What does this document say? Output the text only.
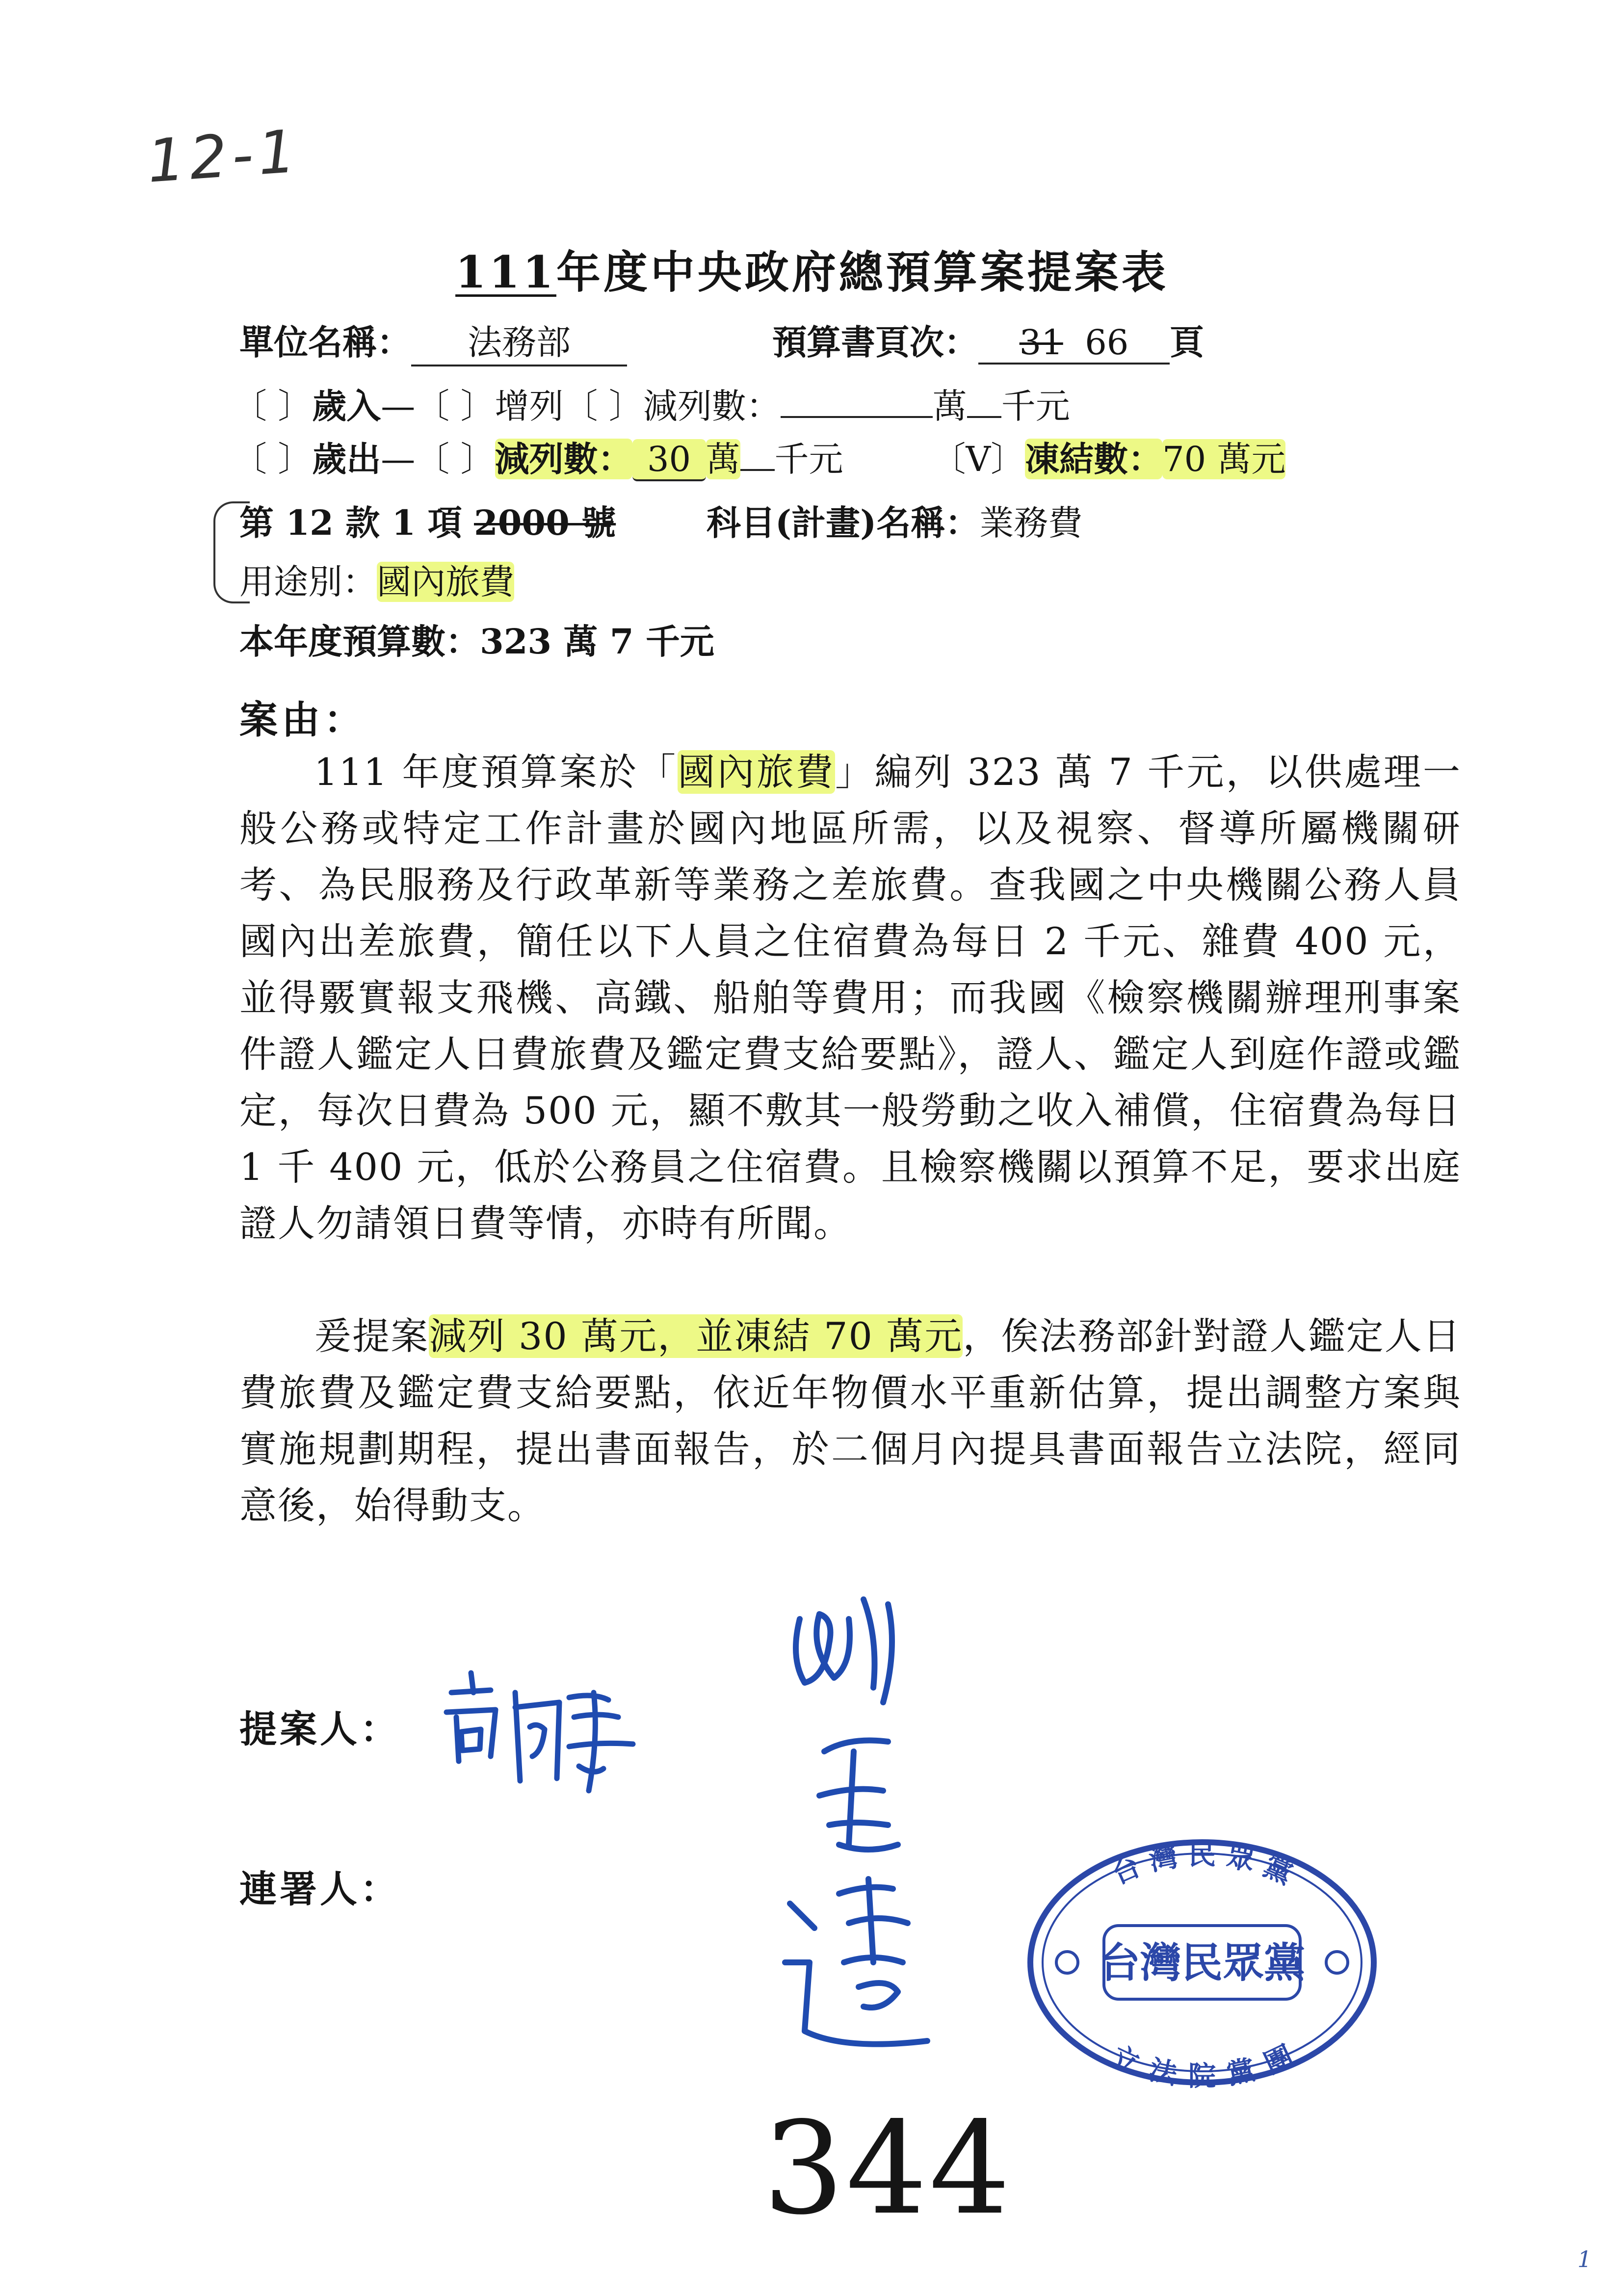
12-1
111年度中央政府總預算案提案表
單位名稱： 法務部	預算書頁次： 31 66 頁
〔 〕歲入—〔 〕增列〔 〕減列數：	萬 千元
〔 〕歲出—〔 〕減列數： 30 萬 千元	〔V〕凍結數：70 萬元
第 12 款 1 項 2000 號	科目(計畫)名稱：業務費
用途別：國內旅費
本年度預算數：323 萬 7 千元
案由：
111 年度預算案於「國內旅費」編列 323 萬 7 千元，以供處理一般公務或特定工作計畫於國內地區所需，以及視察、督導所屬機關研考、為民服務及行政革新等業務之差旅費。查我國之中央機關公務人員國內出差旅費，簡任以下人員之住宿費為每日 2 千元、雜費 400 元，並得覈實報支飛機、高鐵、船舶等費用；而我國《檢察機關辦理刑事案件證人鑑定人日費旅費及鑑定費支給要點》，證人、鑑定人到庭作證或鑑定，每次日費為 500 元，顯不敷其一般勞動之收入補償，住宿費為每日 1 千 400 元，低於公務員之住宿費。且檢察機關以預算不足，要求出庭證人勿請領日費等情，亦時有所聞。
爰提案減列 30 萬元，並凍結 70 萬元，俟法務部針對證人鑑定人日費旅費及鑑定費支給要點，依近年物價水平重新估算，提出調整方案與實施規劃期程，提出書面報告，於二個月內提具書面報告立法院，經同意後，始得動支。
提案人：
連署人：
台灣民眾黨
台 灣 民 眾 黨
立 法 院 黨 團
344
1
